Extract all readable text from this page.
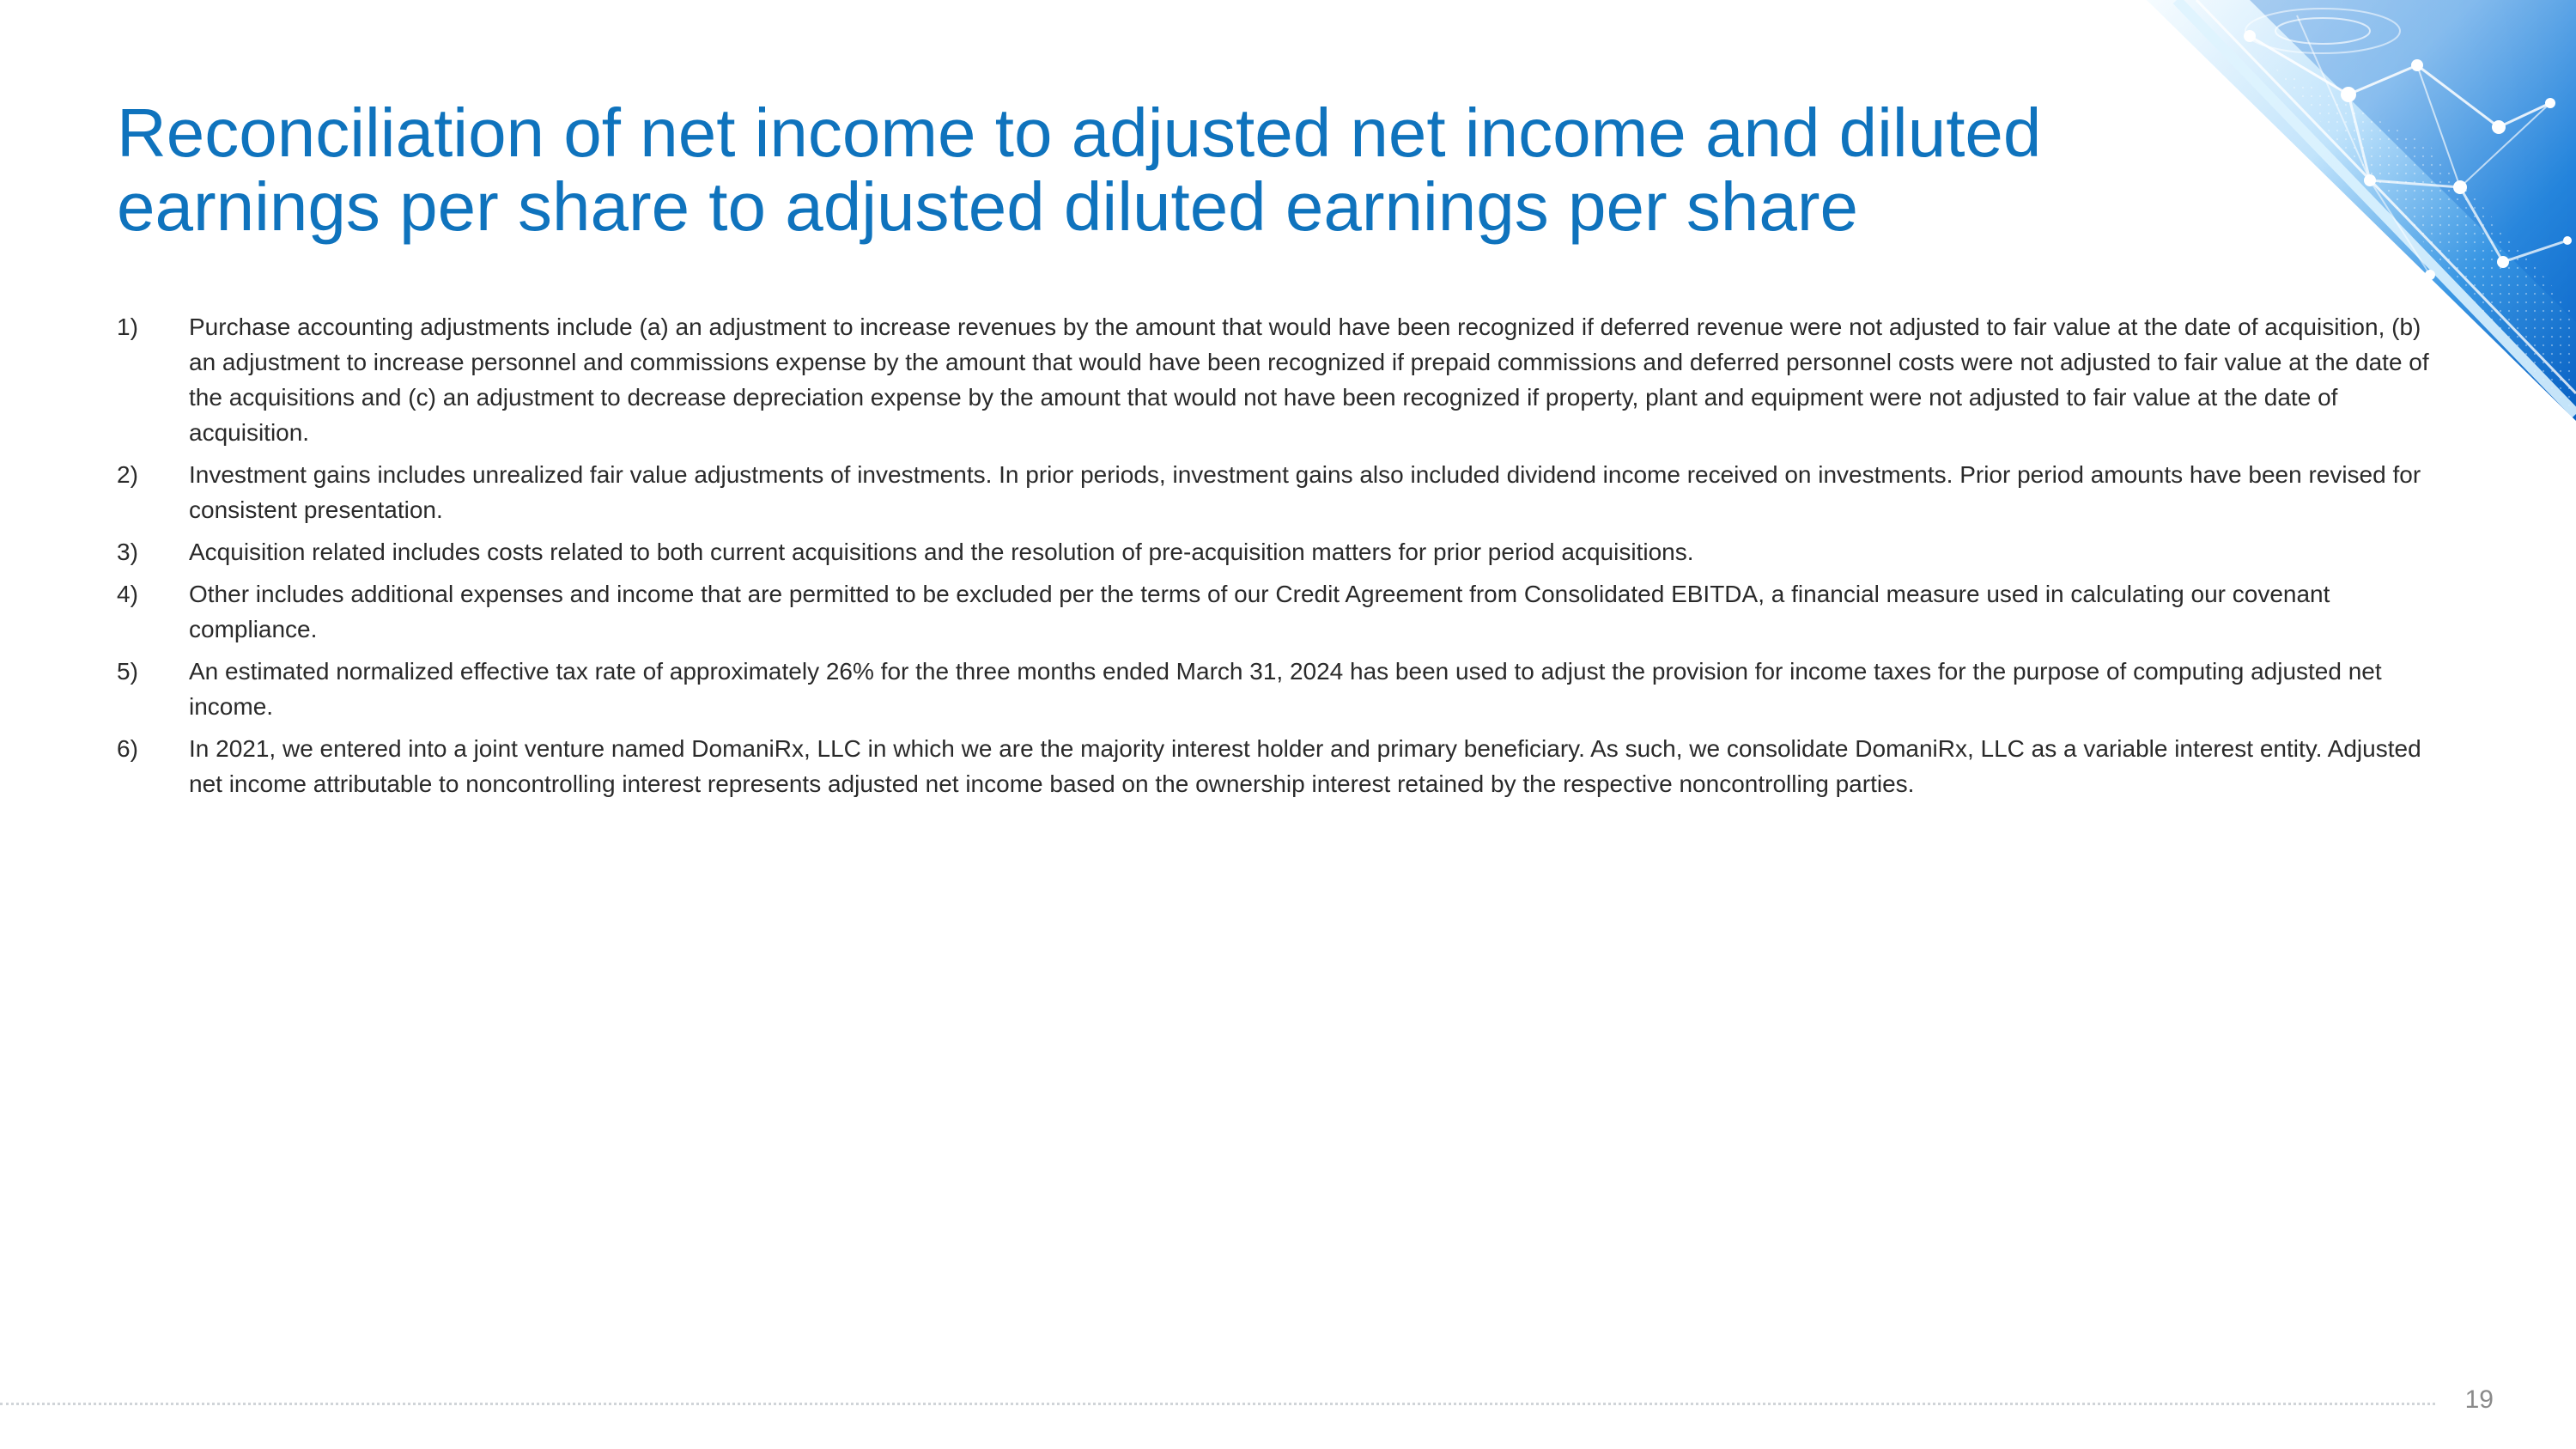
Reconciliation of net income to adjusted net income and diluted
earnings per share to adjusted diluted earnings per share
1)	Purchase accounting adjustments include (a) an adjustment to increase revenues by the amount that would have been recognized if deferred revenue were not adjusted to fair value at the date of acquisition, (b) an adjustment to increase personnel and commissions expense by the amount that would have been recognized if prepaid commissions and deferred personnel costs were not adjusted to fair value at the date of the acquisitions and (c) an adjustment to decrease depreciation expense by the amount that would not have been recognized if property, plant and equipment were not adjusted to fair value at the date of acquisition.
2)	Investment gains includes unrealized fair value adjustments of investments. In prior periods, investment gains also included dividend income received on investments. Prior period amounts have been revised for consistent presentation.
3)	Acquisition related includes costs related to both current acquisitions and the resolution of pre-acquisition matters for prior period acquisitions.
4)	Other includes additional expenses and income that are permitted to be excluded per the terms of our Credit Agreement from Consolidated EBITDA, a financial measure used in calculating our covenant compliance.
5)	An estimated normalized effective tax rate of approximately 26% for the three months ended March 31, 2024 has been used to adjust the provision for income taxes for the purpose of computing adjusted net income.
6)	In 2021, we entered into a joint venture named DomaniRx, LLC in which we are the majority interest holder and primary beneficiary. As such, we consolidate DomaniRx, LLC as a variable interest entity. Adjusted net income attributable to noncontrolling interest represents adjusted net income based on the ownership interest retained by the respective noncontrolling parties.
19
